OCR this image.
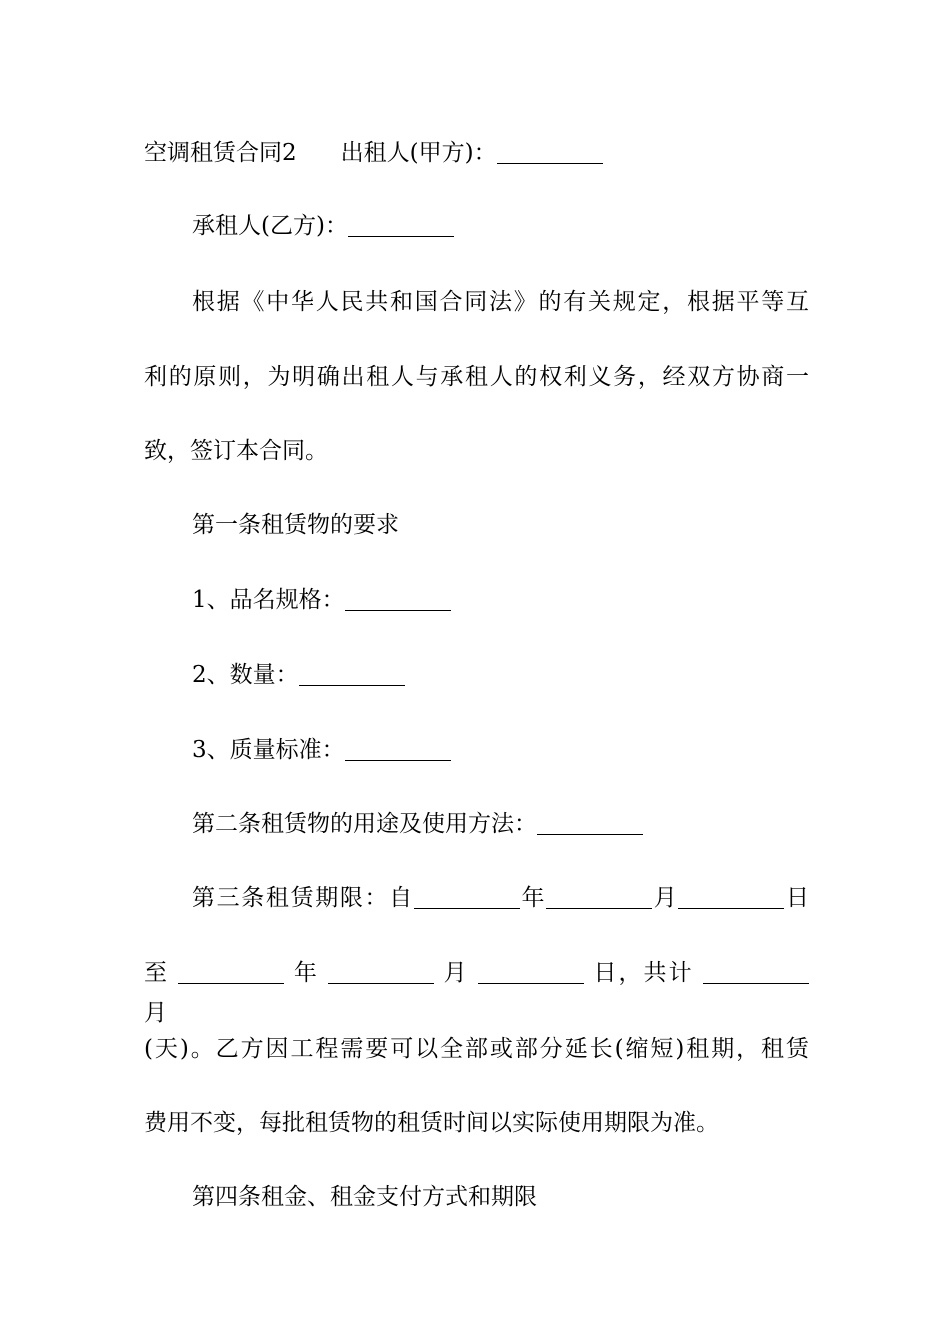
空调租赁合同2 出租人(甲方)：
承租人(乙方)：
根据《中华人民共和国合同法》的有关规定，根据平等互
利的原则，为明确出租人与承租人的权利义务，经双方协商一
致，签订本合同。
第一条租赁物的要求
1、品名规格：
2、数量：
3、质量标准：
第二条租赁物的用途及使用方法：
第三条租赁期限：自	年	月	日
至	年	月	日，共计  月
(天)。乙方因工程需要可以全部或部分延长(缩短)租期，租赁
费用不变，每批租赁物的租赁时间以实际使用期限为准。
第四条租金、租金支付方式和期限
